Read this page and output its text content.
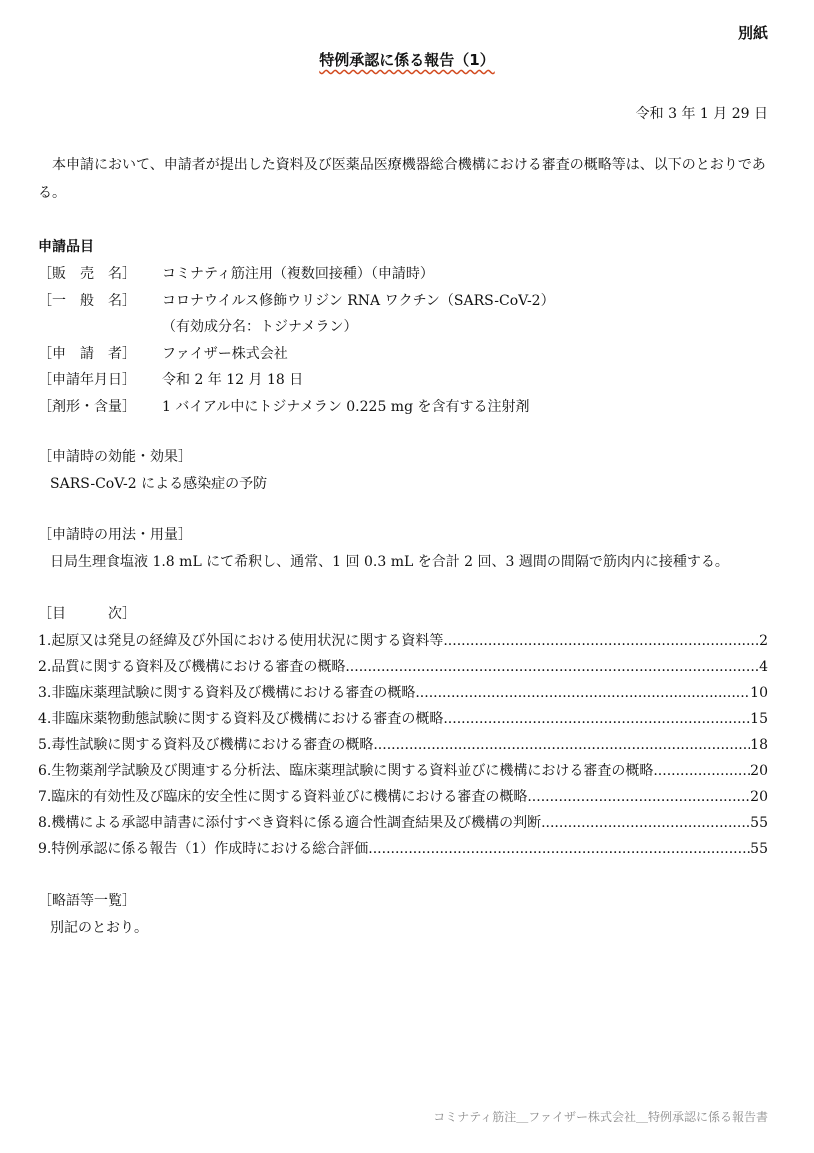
別紙
特例承認に係る報告（1）
令和 3 年 1 月 29 日
本申請において、申請者が提出した資料及び医薬品医療機器総合機構における審査の概略等は、以下のとおりである。
申請品目
［販　売　名］ コミナティ筋注用（複数回接種）（申請時）
［一　般　名］ コロナウイルス修飾ウリジン RNA ワクチン（SARS-CoV-2）
（有効成分名：トジナメラン）
［申　請　者］ ファイザー株式会社
［申請年月日］ 令和 2 年 12 月 18 日
［剤形・含量］ 1 バイアル中にトジナメラン 0.225 mg を含有する注射剤
［申請時の効能・効果］
SARS-CoV-2 による感染症の予防
［申請時の用法・用量］
日局生理食塩液 1.8 mL にて希釈し、通常、1 回 0.3 mL を合計 2 回、3 週間の間隔で筋肉内に接種する。
［目　　　次］
1.起原又は発見の経緯及び外国における使用状況に関する資料等 .....	2
2.品質に関する資料及び機構における審査の概略 .....	4
3.非臨床薬理試験に関する資料及び機構における審査の概略 .....	10
4.非臨床薬物動態試験に関する資料及び機構における審査の概略 .....	15
5.毒性試験に関する資料及び機構における審査の概略 .....	18
6.生物薬剤学試験及び関連する分析法、臨床薬理試験に関する資料並びに機構における審査の概略 .....	20
7.臨床的有効性及び臨床的安全性に関する資料並びに機構における審査の概略 .....	20
8.機構による承認申請書に添付すべき資料に係る適合性調査結果及び機構の判断 .....	55
9.特例承認に係る報告（1）作成時における総合評価 .....	55
［略語等一覧］
別記のとおり。
コミナティ筋注＿ファイザー株式会社＿特例承認に係る報告書
